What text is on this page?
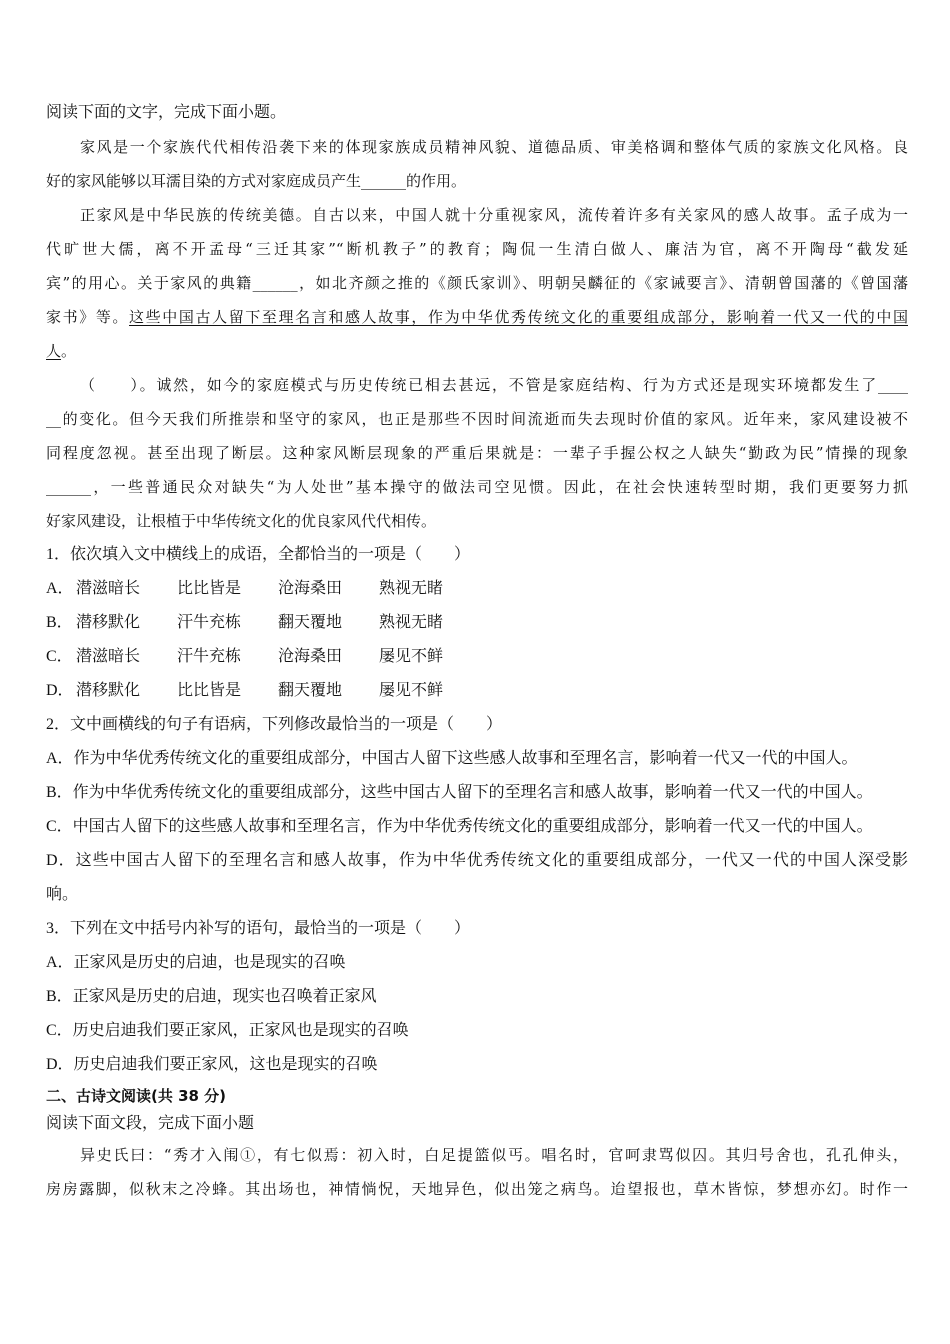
阅读下面的文字，完成下面小题。
家风是一个家族代代相传沿袭下来的体现家族成员精神风貌、道德品质、审美格调和整体气质的家族文化风格。良
好的家风能够以耳濡目染的方式对家庭成员产生______的作用。
正家风是中华民族的传统美德。自古以来，中国人就十分重视家风，流传着许多有关家风的感人故事。孟子成为一
代旷世大儒，离不开孟母“三迁其家”“断机教子”的教育；陶侃一生清白做人、廉洁为官，离不开陶母“截发延
宾”的用心。关于家风的典籍______，如北齐颜之推的《颜氏家训》、明朝吴麟征的《家诫要言》、清朝曾国藩的《曾国藩
家书》等。这些中国古人留下至理名言和感人故事，作为中华优秀传统文化的重要组成部分，影响着一代又一代的中国
人。
（　　）。诚然，如今的家庭模式与历史传统已相去甚远，不管是家庭结构、行为方式还是现实环境都发生了____
__的变化。但今天我们所推崇和坚守的家风，也正是那些不因时间流逝而失去现时价值的家风。近年来，家风建设被不
同程度忽视。甚至出现了断层。这种家风断层现象的严重后果就是：一辈子手握公权之人缺失“勤政为民”情操的现象
______，一些普通民众对缺失“为人处世”基本操守的做法司空见惯。因此，在社会快速转型时期，我们更要努力抓
好家风建设，让根植于中华传统文化的优良家风代代相传。
1．依次填入文中横线上的成语，全都恰当的一项是（　　）
A． 潜滋暗长	比比皆是	沧海桑田	熟视无睹
B． 潜移默化	汗牛充栋	翻天覆地	熟视无睹
C． 潜滋暗长	汗牛充栋	沧海桑田	屡见不鲜
D． 潜移默化	比比皆是	翻天覆地	屡见不鲜
2．文中画横线的句子有语病，下列修改最恰当的一项是（　　）
A．作为中华优秀传统文化的重要组成部分，中国古人留下这些感人故事和至理名言，影响着一代又一代的中国人。
B．作为中华优秀传统文化的重要组成部分，这些中国古人留下的至理名言和感人故事，影响着一代又一代的中国人。
C．中国古人留下的这些感人故事和至理名言，作为中华优秀传统文化的重要组成部分，影响着一代又一代的中国人。
D．这些中国古人留下的至理名言和感人故事，作为中华优秀传统文化的重要组成部分，一代又一代的中国人深受影
响。
3．下列在文中括号内补写的语句，最恰当的一项是（　　）
A．正家风是历史的启迪，也是现实的召唤
B．正家风是历史的启迪，现实也召唤着正家风
C．历史启迪我们要正家风，正家风也是现实的召唤
D．历史启迪我们要正家风，这也是现实的召唤
二、古诗文阅读(共 38 分)
阅读下面文段，完成下面小题
异史氏曰：“秀才入闱①，有七似焉：初入时，白足提篮似丐。唱名时，官呵隶骂似囚。其归号舍也，孔孔伸头，
房房露脚，似秋末之冷蜂。其出场也，神情惝怳，天地异色，似出笼之病鸟。迨望报也，草木皆惊，梦想亦幻。时作一
